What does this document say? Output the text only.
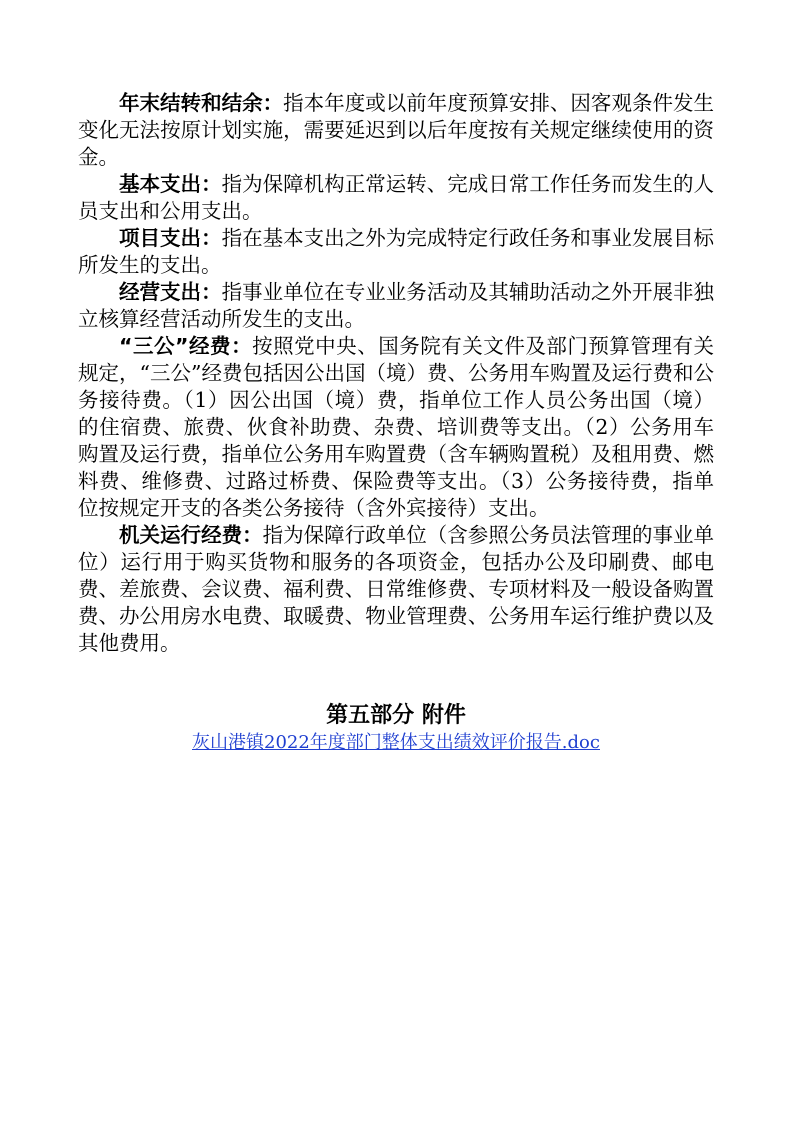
年末结转和结余：指本年度或以前年度预算安排、因客观条件发生变化无法按原计划实施，需要延迟到以后年度按有关规定继续使用的资金。

基本支出：指为保障机构正常运转、完成日常工作任务而发生的人员支出和公用支出。

项目支出：指在基本支出之外为完成特定行政任务和事业发展目标所发生的支出。

经营支出：指事业单位在专业业务活动及其辅助活动之外开展非独立核算经营活动所发生的支出。

“三公”经费：按照党中央、国务院有关文件及部门预算管理有关规定，“三公”经费包括因公出国（境）费、公务用车购置及运行费和公务接待费。（1）因公出国（境）费，指单位工作人员公务出国（境）的住宿费、旅费、伙食补助费、杂费、培训费等支出。（2）公务用车购置及运行费，指单位公务用车购置费（含车辆购置税）及租用费、燃料费、维修费、过路过桥费、保险费等支出。（3）公务接待费，指单位按规定开支的各类公务接待（含外宾接待）支出。

机关运行经费：指为保障行政单位（含参照公务员法管理的事业单位）运行用于购买货物和服务的各项资金，包括办公及印刷费、邮电费、差旅费、会议费、福利费、日常维修费、专项材料及一般设备购置费、办公用房水电费、取暖费、物业管理费、公务用车运行维护费以及其他费用。

第五部分 附件
灰山港镇2022年度部门整体支出绩效评价报告.doc
